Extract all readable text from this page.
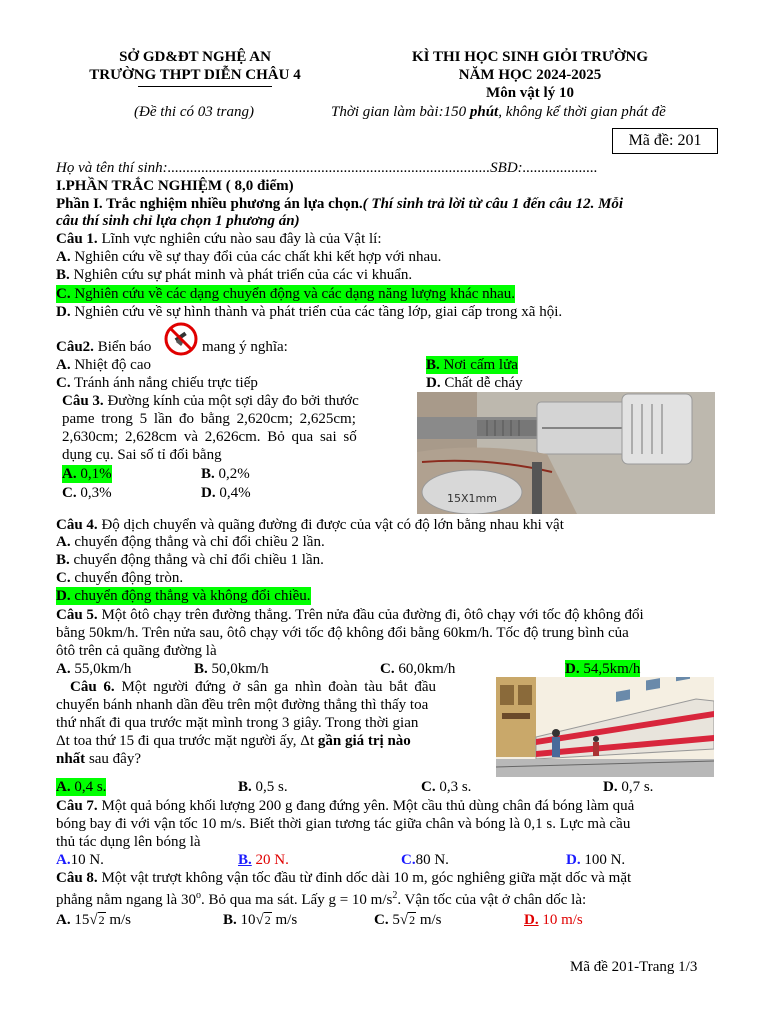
SỞ GD&ĐT NGHỆ AN
TRƯỜNG THPT DIỄN CHÂU 4
KÌ THI HỌC SINH GIỎI TRƯỜNG
NĂM HỌC 2024-2025
Môn vật lý 10
(Đề thi có 03 trang)	Thời gian làm bài:150 phút, không kể thời gian phát đề
Mã đề: 201
Họ và tên thí sinh:......................................................................................SBD:....................
I.PHẦN TRẮC NGHIỆM ( 8,0 điểm)
Phần I. Trắc nghiệm nhiều phương án lựa chọn.( Thí sinh trả lời từ câu 1 đến câu 12. Mỗi
câu thí sinh chỉ lựa chọn 1 phương án)
Câu 1. Lĩnh vực nghiên cứu nào sau đây là của Vật lí:
A. Nghiên cứu về sự thay đổi của các chất khi kết hợp với nhau.
B. Nghiên cứu sự phát minh và phát triển của các vi khuẩn.
C. Nghiên cứu về các dạng chuyển động và các dạng năng lượng khác nhau.
D. Nghiên cứu về sự hình thành và phát triển của các tầng lớp, giai cấp trong xã hội.
Câu2. Biển báo	mang ý nghĩa:
A. Nhiệt độ cao	B. Nơi cấm lửa
C. Tránh ánh nắng chiếu trực tiếp	D. Chất dễ cháy
Câu 3. Đường kính của một sợi dây đo bởi thước
pame trong 5 lần đo bằng 2,620cm; 2,625cm;
2,630cm; 2,628cm và 2,626cm. Bỏ qua sai số
dụng cụ. Sai số tỉ đối bằng
A. 0,1%	B. 0,2%
C. 0,3%	D. 0,4%	15X1mm
Câu 4. Độ dịch chuyển và quãng đường đi được của vật có độ lớn bằng nhau khi vật
A. chuyển động thẳng và chỉ đổi chiều 2 lần.
B. chuyển động thẳng và chỉ đổi chiều 1 lần.
C. chuyển động tròn.
D. chuyển động thẳng và không đổi chiều.
Câu 5. Một ôtô chạy trên đường thẳng. Trên nửa đầu của đường đi, ôtô chạy với tốc độ không đổi
bằng 50km/h. Trên nửa sau, ôtô chạy với tốc độ không đổi bằng 60km/h. Tốc độ trung bình của
ôtô trên cả quãng đường là
A. 55,0km/h	B. 50,0km/h	C. 60,0km/h	D. 54,5km/h
Câu 6. Một người đứng ở sân ga nhìn đoàn tàu bắt đầu
chuyển bánh nhanh dần đều trên một đường thẳng thì thấy toa
thứ nhất đi qua trước mặt mình trong 3 giây. Trong thời gian
Δt toa thứ 15 đi qua trước mặt người ấy, Δt gần giá trị nào
nhất sau đây?
A. 0,4 s.	B. 0,5 s.	C. 0,3 s.	D. 0,7 s.
Câu 7. Một quả bóng khối lượng 200 g đang đứng yên. Một cầu thủ dùng chân đá bóng làm quả
bóng bay đi với vận tốc 10 m/s. Biết thời gian tương tác giữa chân và bóng là 0,1 s. Lực mà cầu
thủ tác dụng lên bóng là
A.10 N.	B. 20 N.	C.80 N.	D. 100 N.
Câu 8. Một vật trượt không vận tốc đầu từ đỉnh dốc dài 10 m, góc nghiêng giữa mặt dốc và mặt
phẳng nằm ngang là 30$^o$. Bỏ qua ma sát. Lấy g = 10 $m/s^2$. Vận tốc của vật ở chân dốc là:
A. 15√2 m/s	B. 10√2 m/s	C. 5√2 m/s	D. 10 m/s
Mã đề 201-Trang 1/3
